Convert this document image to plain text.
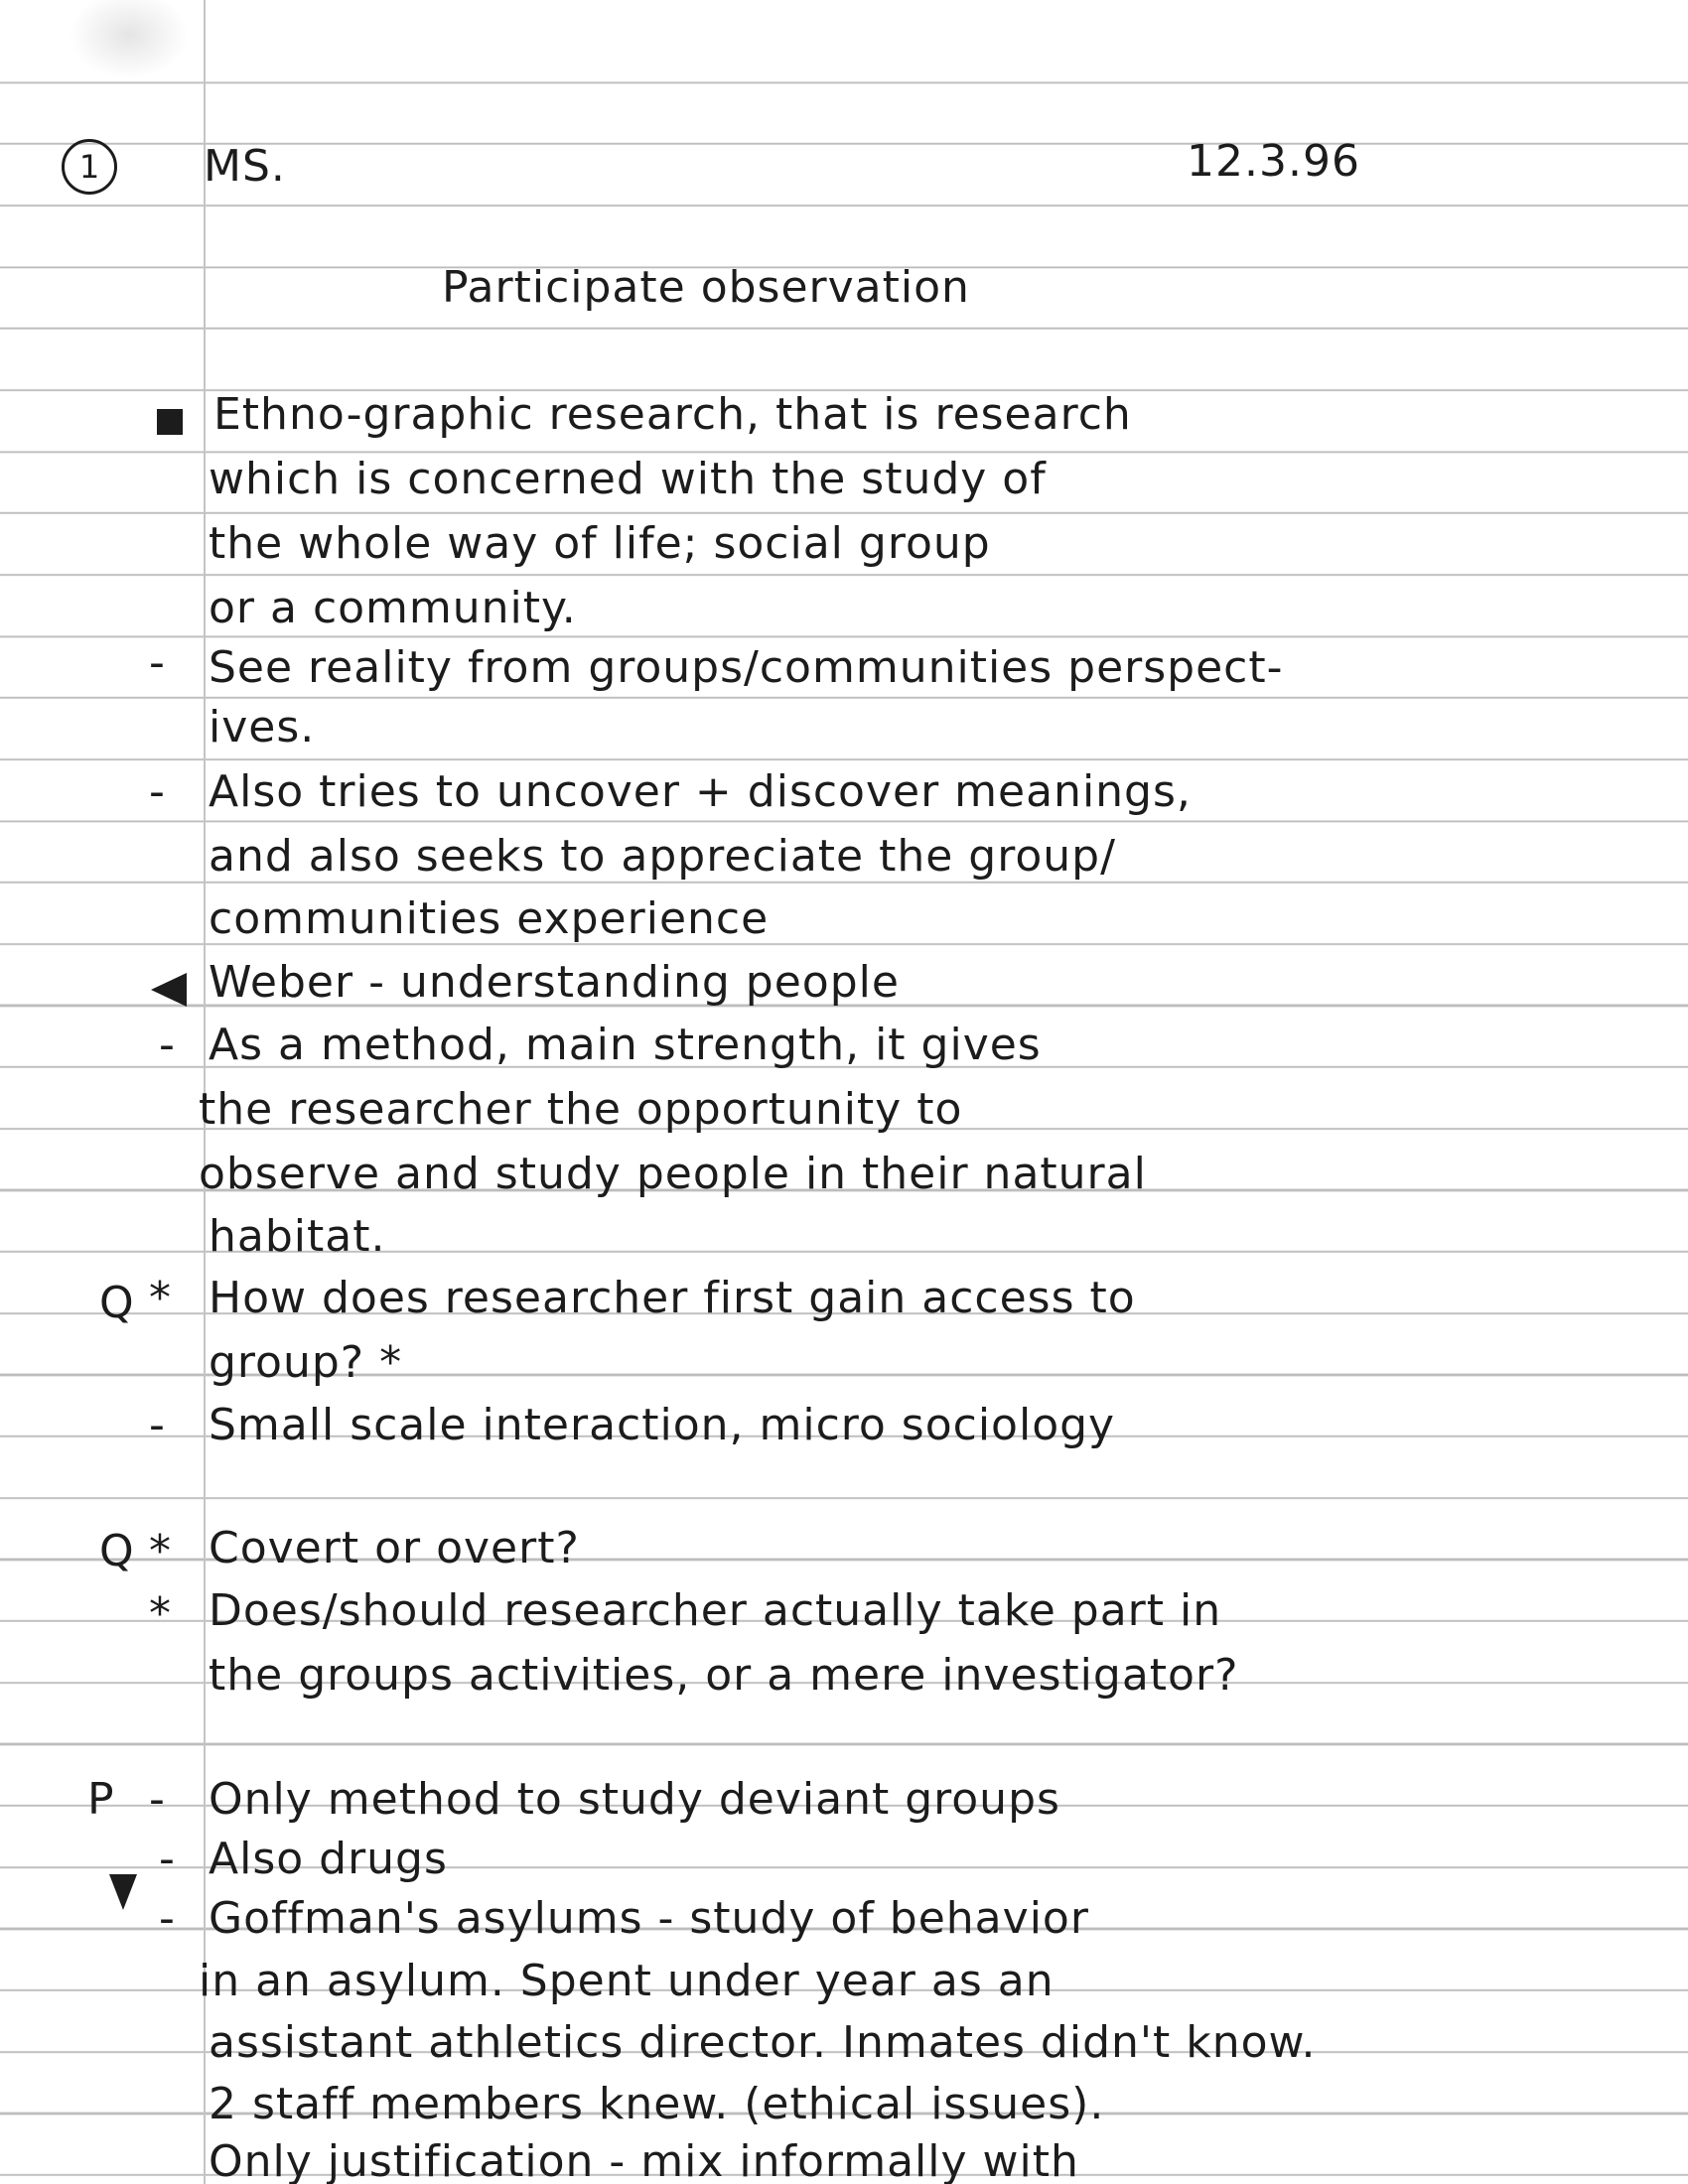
1	MS.	12.3.96
Participate observation
Ethno-graphic research, that is research
which is concerned with the study of
the whole way of life; social group
or a community.
- See reality from groups/communities perspect-
ives.
- Also tries to uncover + discover meanings,
and also seeks to appreciate the group/
communities experience
Weber - understanding people
- As a method, main strength, it gives
the researcher the opportunity to
observe and study people in their natural
habitat.
Q * How does researcher first gain access to
group? *
- Small scale interaction, micro sociology
Q * Covert or overt?
* Does/should researcher actually take part in
the groups activities, or a mere investigator?
P - Only method to study deviant groups
- Also drugs
- Goffman's asylums - study of behavior
in an asylum. Spent under year as an
assistant athletics director. Inmates didn't know.
2 staff members knew. (ethical issues).
Only justification - mix informally with
